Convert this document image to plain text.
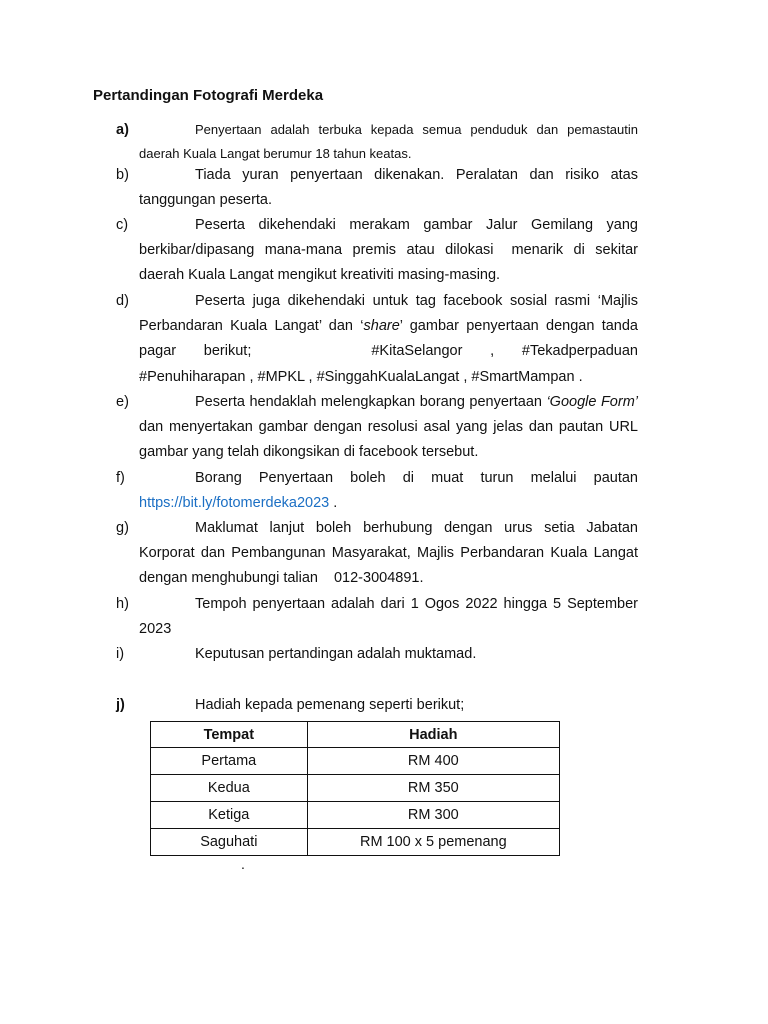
Pertandingan Fotografi Merdeka
a)	Penyertaan adalah terbuka kepada semua penduduk dan pemastautin daerah Kuala Langat berumur 18 tahun keatas.
b)	Tiada yuran penyertaan dikenakan. Peralatan dan risiko atas tanggungan peserta.
c)	Peserta dikehendaki merakam gambar Jalur Gemilang yang berkibar/dipasang mana-mana premis atau dilokasi menarik di sekitar daerah Kuala Langat mengikut kreativiti masing-masing.
d)	Peserta juga dikehendaki untuk tag facebook sosial rasmi ‘Majlis Perbandaran Kuala Langat’ dan ‘share’ gambar penyertaan dengan tanda pagar berikut;	#KitaSelangor , #Tekadperpaduan #Penuhiharapan , #MPKL , #SinggahKualaLangat , #SmartMampan .
e)	Peserta hendaklah melengkapkan borang penyertaan ‘Google Form’ dan menyertakan gambar dengan resolusi asal yang jelas dan pautan URL gambar yang telah dikongsikan di facebook tersebut.
f)	Borang Penyertaan boleh di muat turun melalui pautan https://bit.ly/fotomerdeka2023 .
g)	Maklumat lanjut boleh berhubung dengan urus setia Jabatan Korporat dan Pembangunan Masyarakat, Majlis Perbandaran Kuala Langat dengan menghubungi talian 012-3004891.
h)	Tempoh penyertaan adalah dari 1 Ogos 2022 hingga 5 September 2023
i)	Keputusan pertandingan adalah muktamad.
j)	Hadiah kepada pemenang seperti berikut;
Tempat	Hadiah
Pertama	RM 400
Kedua	RM 350
Ketiga	RM 300
Saguhati	RM 100 x 5 pemenang
.
